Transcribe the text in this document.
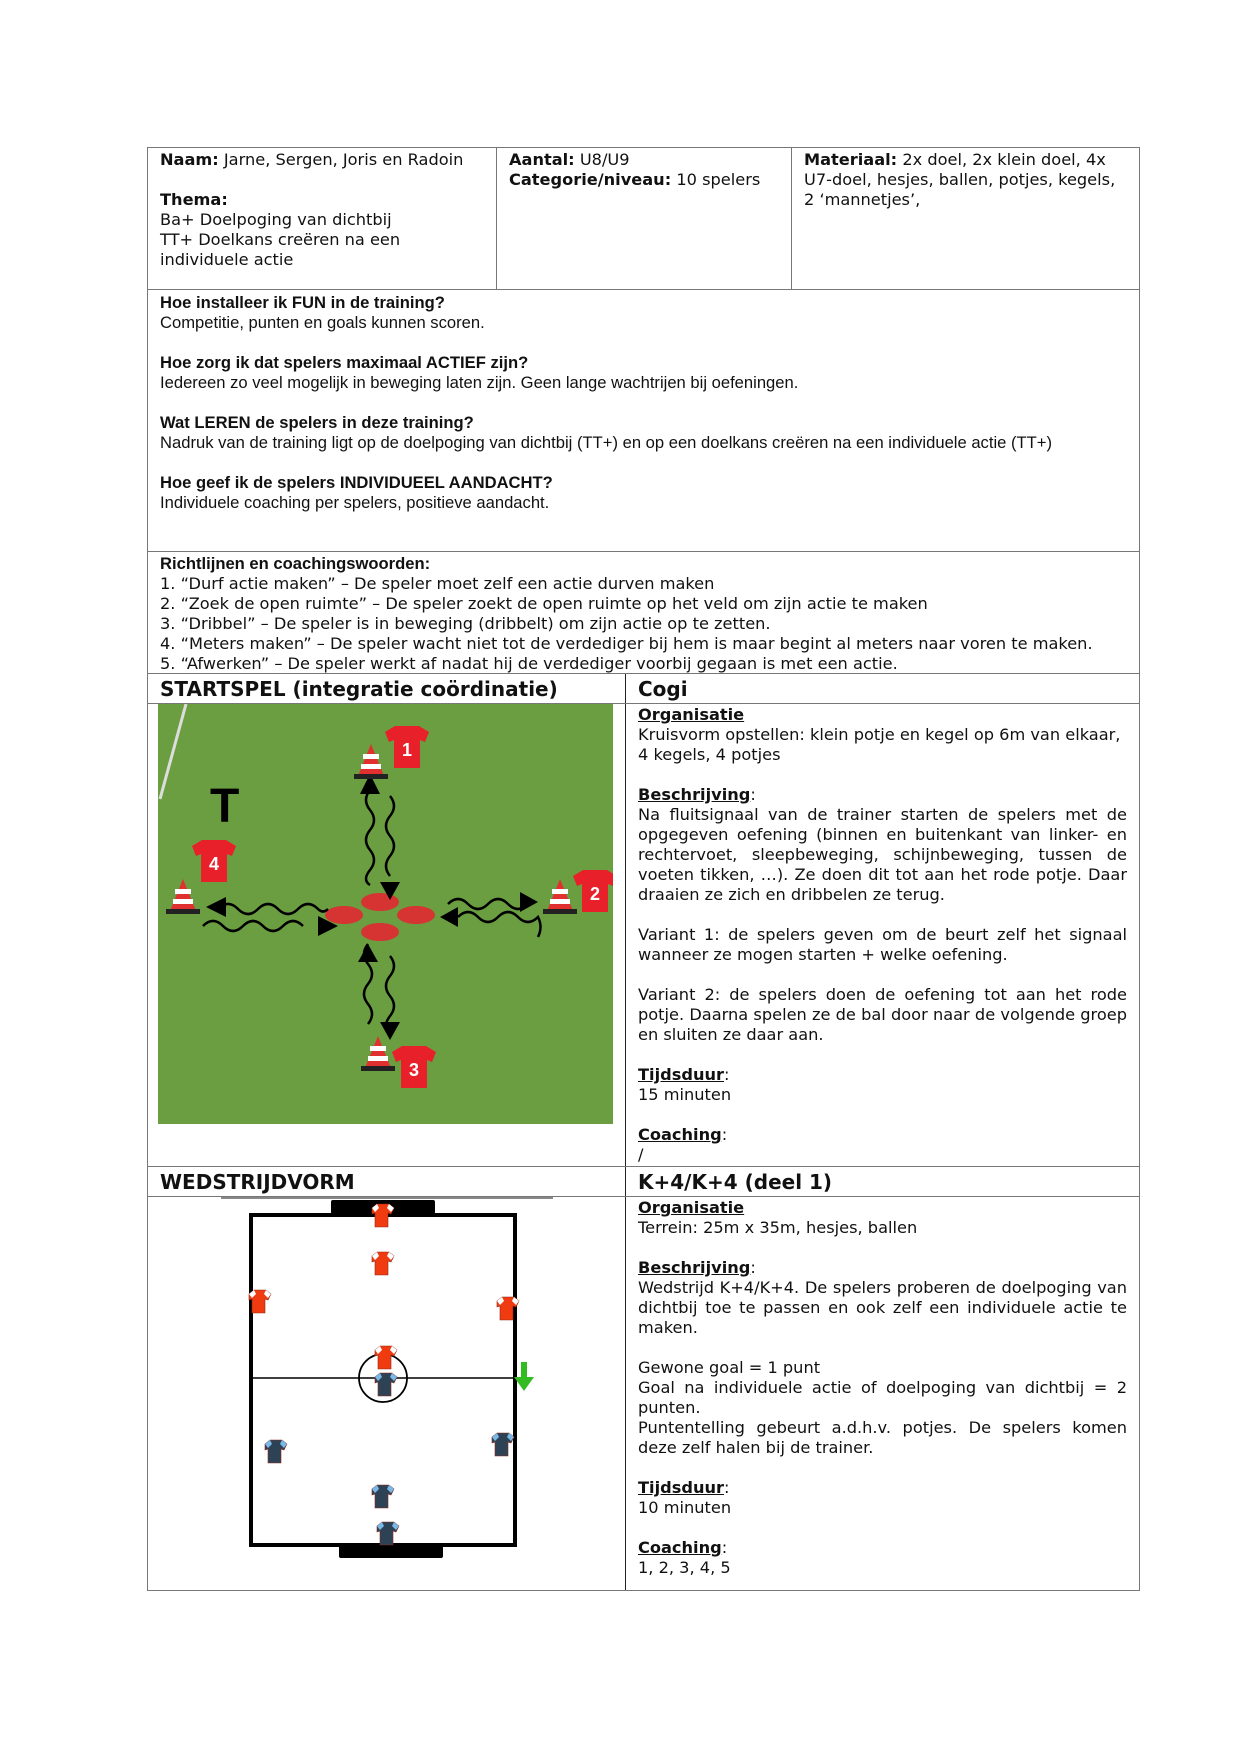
Naam: Jarne, Sergen, Joris en Radoin
Thema:
Ba+ Doelpoging van dichtbij
TT+ Doelkans creëren na een individuele actie
Aantal: U8/U9
Categorie/niveau: 10 spelers
Materiaal: 2x doel, 2x klein doel, 4x U7-doel, hesjes, ballen, potjes, kegels, 2 ‘mannetjes’,
Hoe installeer ik FUN in de training?
Competitie, punten en goals kunnen scoren.
Hoe zorg ik dat spelers maximaal ACTIEF zijn?
Iedereen zo veel mogelijk in beweging laten zijn. Geen lange wachtrijen bij oefeningen.
Wat LEREN de spelers in deze training?
Nadruk van de training ligt op de doelpoging van dichtbij (TT+) en op een doelkans creëren na een individuele actie (TT+)
Hoe geef ik de spelers INDIVIDUEEL AANDACHT?
Individuele coaching per spelers, positieve aandacht.
Richtlijnen en coachingswoorden:
1. “Durf actie maken” – De speler moet zelf een actie durven maken
2. “Zoek de open ruimte” – De speler zoekt de open ruimte op het veld om zijn actie te maken
3. “Dribbel” – De speler is in beweging (dribbelt) om zijn actie op te zetten.
4. “Meters maken” – De speler wacht niet tot de verdediger bij hem is maar begint al meters naar voren te maken.
5. “Afwerken” – De speler werkt af nadat hij de verdediger voorbij gegaan is met een actie.
STARTSPEL (integratie coördinatie)	Cogi
T
1
4
2
3
Organisatie
Kruisvorm opstellen: klein potje en kegel op 6m van elkaar, 4 kegels, 4 potjes
Beschrijving:
Na fluitsignaal van de trainer starten de spelers met de opgegeven oefening (binnen en buitenkant van linker- en rechtervoet, sleepbeweging, schijnbeweging, tussen de voeten tikken, …). Ze doen dit tot aan het rode potje. Daar draaien ze zich en dribbelen ze terug.
Variant 1: de spelers geven om de beurt zelf het signaal wanneer ze mogen starten + welke oefening.
Variant 2: de spelers doen de oefening tot aan het rode potje. Daarna spelen ze de bal door naar de volgende groep en sluiten ze daar aan.
Tijdsduur:
15 minuten
Coaching:
/
WEDSTRIJDVORM	K+4/K+4 (deel 1)
Organisatie
Terrein: 25m x 35m, hesjes, ballen
Beschrijving:
Wedstrijd K+4/K+4. De spelers proberen de doelpoging van dichtbij toe te passen en ook zelf een individuele actie te maken.
Gewone goal = 1 punt
Goal na individuele actie of doelpoging van dichtbij = 2 punten.
Puntentelling gebeurt a.d.h.v. potjes. De spelers komen deze zelf halen bij de trainer.
Tijdsduur:
10 minuten
Coaching:
1, 2, 3, 4, 5
